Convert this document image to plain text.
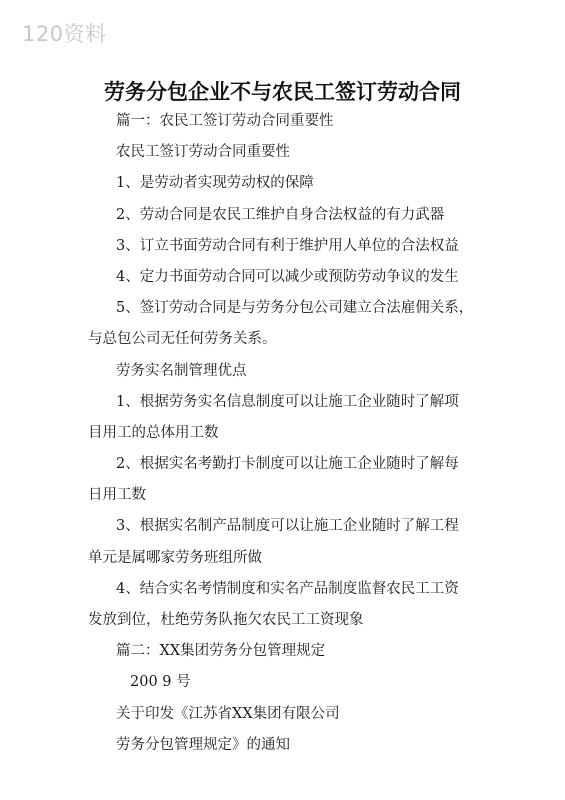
120资料
劳务分包企业不与农民工签订劳动合同
篇一：农民工签订劳动合同重要性
农民工签订劳动合同重要性
1、是劳动者实现劳动权的保障
2、劳动合同是农民工维护自身合法权益的有力武器
3、订立书面劳动合同有利于维护用人单位的合法权益
4、定力书面劳动合同可以减少或预防劳动争议的发生
5、签订劳动合同是与劳务分包公司建立合法雇佣关系，
与总包公司无任何劳务关系。
劳务实名制管理优点
1、根据劳务实名信息制度可以让施工企业随时了解项
目用工的总体用工数
2、根据实名考勤打卡制度可以让施工企业随时了解每
日用工数
3、根据实名制产品制度可以让施工企业随时了解工程
单元是属哪家劳务班组所做
4、结合实名考情制度和实名产品制度监督农民工工资
发放到位，杜绝劳务队拖欠农民工工资现象
篇二：XX集团劳务分包管理规定
200 9 号
关于印发《江苏省XX集团有限公司
劳务分包管理规定》的通知
